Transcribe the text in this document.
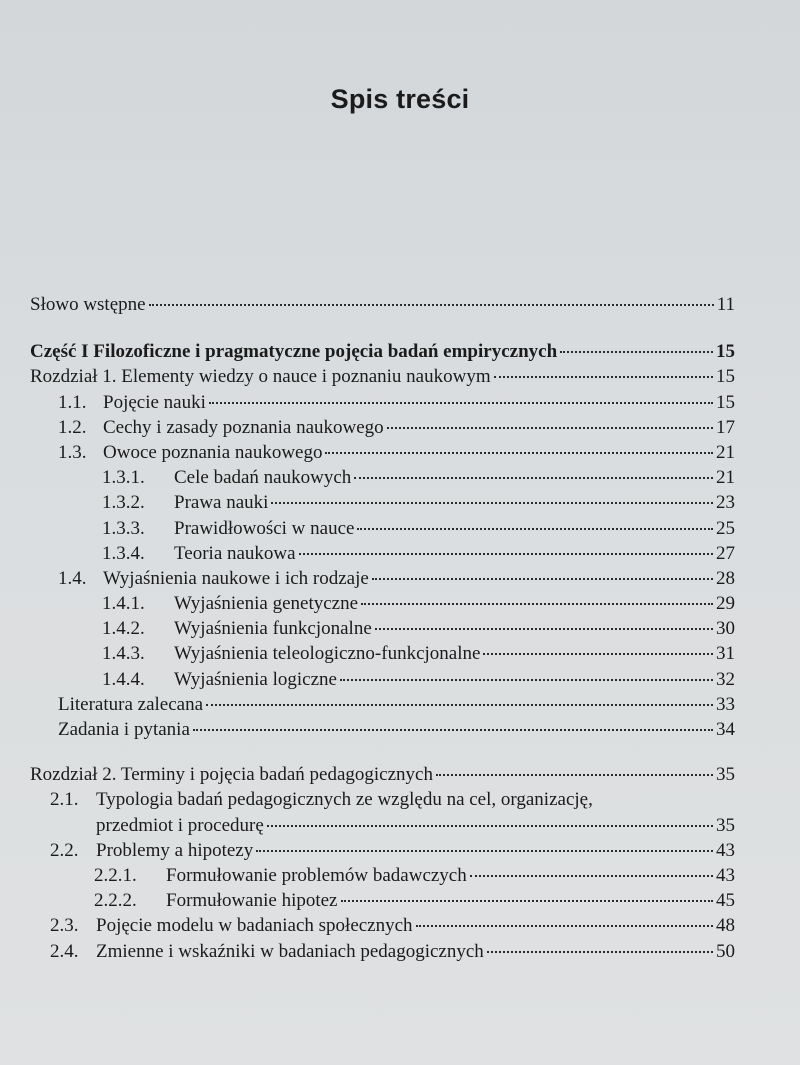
Spis treści
Słowo wstępne	11
Część I Filozoficzne i pragmatyczne pojęcia badań empirycznych	15
Rozdział 1. Elementy wiedzy o nauce i poznaniu naukowym	15
1.1. Pojęcie nauki	15
1.2. Cechy i zasady poznania naukowego	17
1.3. Owoce poznania naukowego	21
1.3.1.	Cele badań naukowych	21
1.3.2.	Prawa nauki	23
1.3.3.	Prawidłowości w nauce	25
1.3.4.	Teoria naukowa	27
1.4. Wyjaśnienia naukowe i ich rodzaje	28
1.4.1.	Wyjaśnienia genetyczne	29
1.4.2.	Wyjaśnienia funkcjonalne	30
1.4.3.	Wyjaśnienia teleologiczno-funkcjonalne	31
1.4.4.	Wyjaśnienia logiczne	32
Literatura zalecana	33
Zadania i pytania	34
Rozdział 2. Terminy i pojęcia badań pedagogicznych	35
2.1. Typologia badań pedagogicznych ze względu na cel, organizację,
przedmiot i procedurę	35
2.2. Problemy a hipotezy	43
2.2.1.	Formułowanie problemów badawczych	43
2.2.2.	Formułowanie hipotez	45
2.3. Pojęcie modelu w badaniach społecznych	48
2.4. Zmienne i wskaźniki w badaniach pedagogicznych	50
